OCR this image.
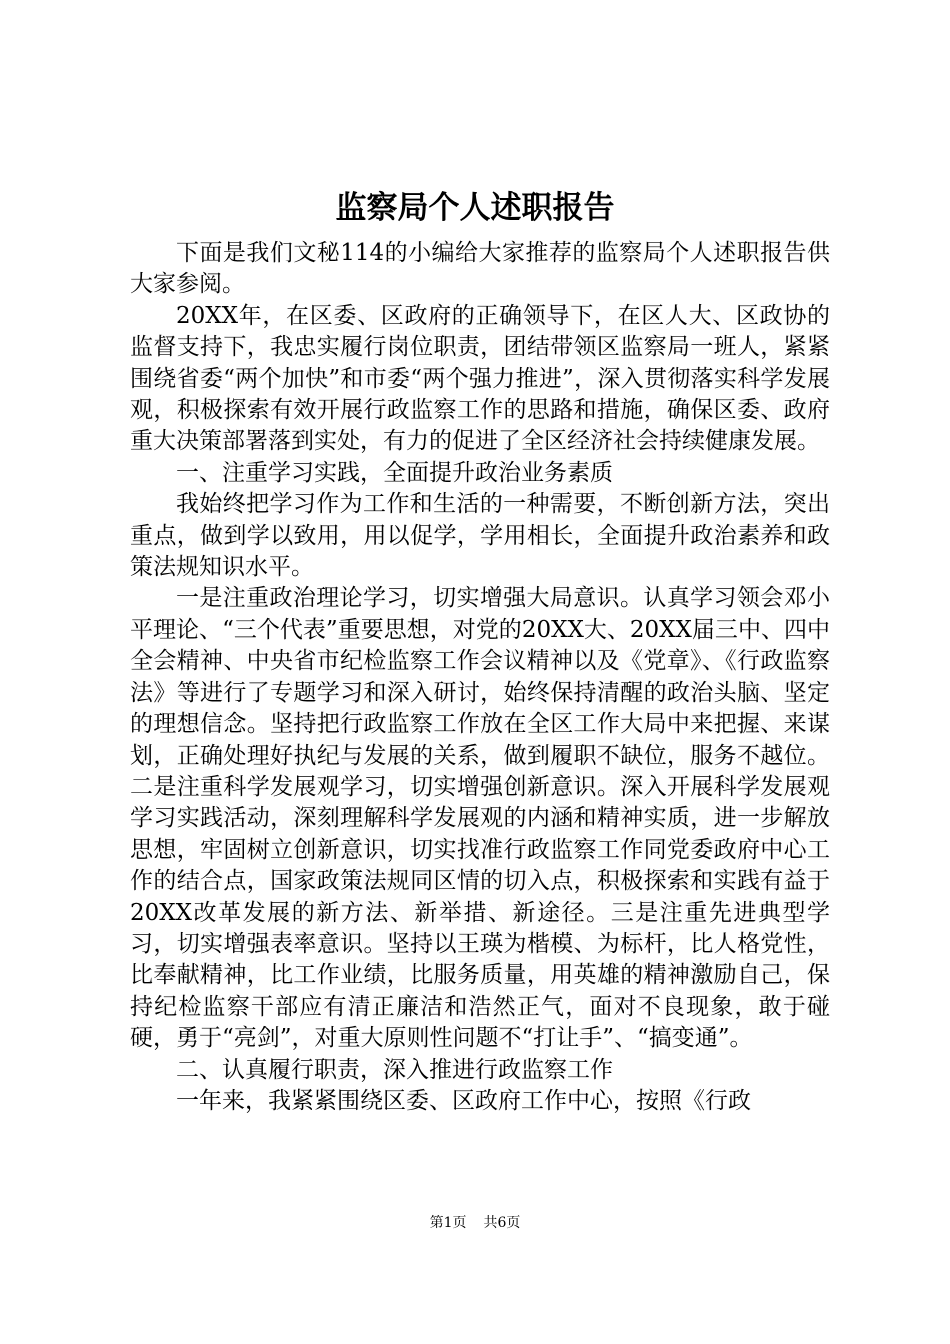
监察局个人述职报告

下面是我们文秘114的小编给大家推荐的监察局个人述职报告供大家参阅。

20XX年，在区委、区政府的正确领导下，在区人大、区政协的监督支持下，我忠实履行岗位职责，团结带领区监察局一班人，紧紧围绕省委“两个加快”和市委“两个强力推进”，深入贯彻落实科学发展观，积极探索有效开展行政监察工作的思路和措施，确保区委、政府重大决策部署落到实处，有力的促进了全区经济社会持续健康发展。

一、注重学习实践，全面提升政治业务素质

我始终把学习作为工作和生活的一种需要，不断创新方法，突出重点，做到学以致用，用以促学，学用相长，全面提升政治素养和政策法规知识水平。

一是注重政治理论学习，切实增强大局意识。认真学习领会邓小平理论、“三个代表”重要思想，对党的20XX大、20XX届三中、四中全会精神、中央省市纪检监察工作会议精神以及《党章》、《行政监察法》等进行了专题学习和深入研讨，始终保持清醒的政治头脑、坚定的理想信念。坚持把行政监察工作放在全区工作大局中来把握、来谋划，正确处理好执纪与发展的关系，做到履职不缺位，服务不越位。二是注重科学发展观学习，切实增强创新意识。深入开展科学发展观学习实践活动，深刻理解科学发展观的内涵和精神实质，进一步解放思想，牢固树立创新意识，切实找准行政监察工作同党委政府中心工作的结合点，国家政策法规同区情的切入点，积极探索和实践有益于20XX改革发展的新方法、新举措、新途径。三是注重先进典型学习，切实增强表率意识。坚持以王瑛为楷模、为标杆，比人格党性，比奉献精神，比工作业绩，比服务质量，用英雄的精神激励自己，保持纪检监察干部应有清正廉洁和浩然正气，面对不良现象，敢于碰硬，勇于“亮剑”，对重大原则性问题不“打让手”、“搞变通”。

二、认真履行职责，深入推进行政监察工作

一年来，我紧紧围绕区委、区政府工作中心，按照《行政

第1页 共6页
